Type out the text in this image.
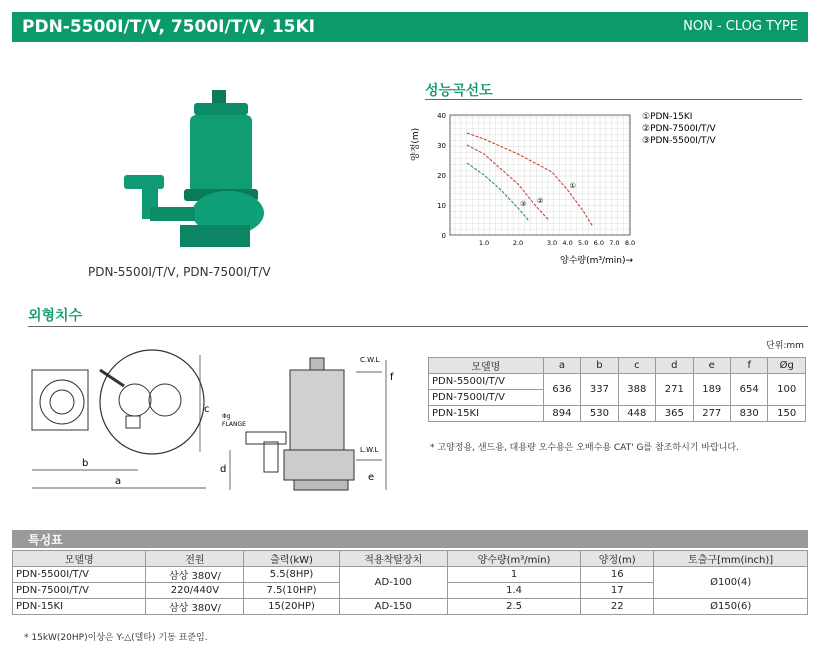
PDN-5500Ⅰ/T/V, 7500Ⅰ/T/V, 15KⅠ	NON - CLOG TYPE
PDN-5500Ⅰ/T/V, PDN-7500Ⅰ/T/V
성능곡선도
0
10
20
30
40
1.0	2.0	3.0 4.0 5.0 6.0 7.0 8.0
①
②
③
양정(m)
양수량(m³/min)→
①PDN-15KⅠ
②PDN-7500Ⅰ/T/V
③PDN-5500Ⅰ/T/V
외형치수
b
a
c
Φg
FLANGE
C.W.L
L.W.L
f
e
d
단위:mm
모델명	a	b	c	d	e	f	Øg
PDN-5500Ⅰ/T/V	636	337	388	271	189	654	100
PDN-7500Ⅰ/T/V							
PDN-15KⅠ	894	530	448	365	277	830	150
* 고양정용, 샌드용, 대용량 오수용은 오배수용 CAT' G를 참조하시기 바랍니다.
특성표
모델명	전원	출력(kW)	적용착탈장치	양수량(m³/min)	양정(m)	토출구[mm(inch)]
PDN-5500Ⅰ/T/V	삼상 380V/	5.5(8HP)	AD-100	1	16	Ø100(4)
PDN-7500Ⅰ/T/V	220/440V	7.5(10HP)		1.4	17	
PDN-15KⅠ	삼상 380V/	15(20HP)	AD-150	2.5	22	Ø150(6)
* 15kW(20HP)이상은 Y-△(델타) 기동 표준임.
